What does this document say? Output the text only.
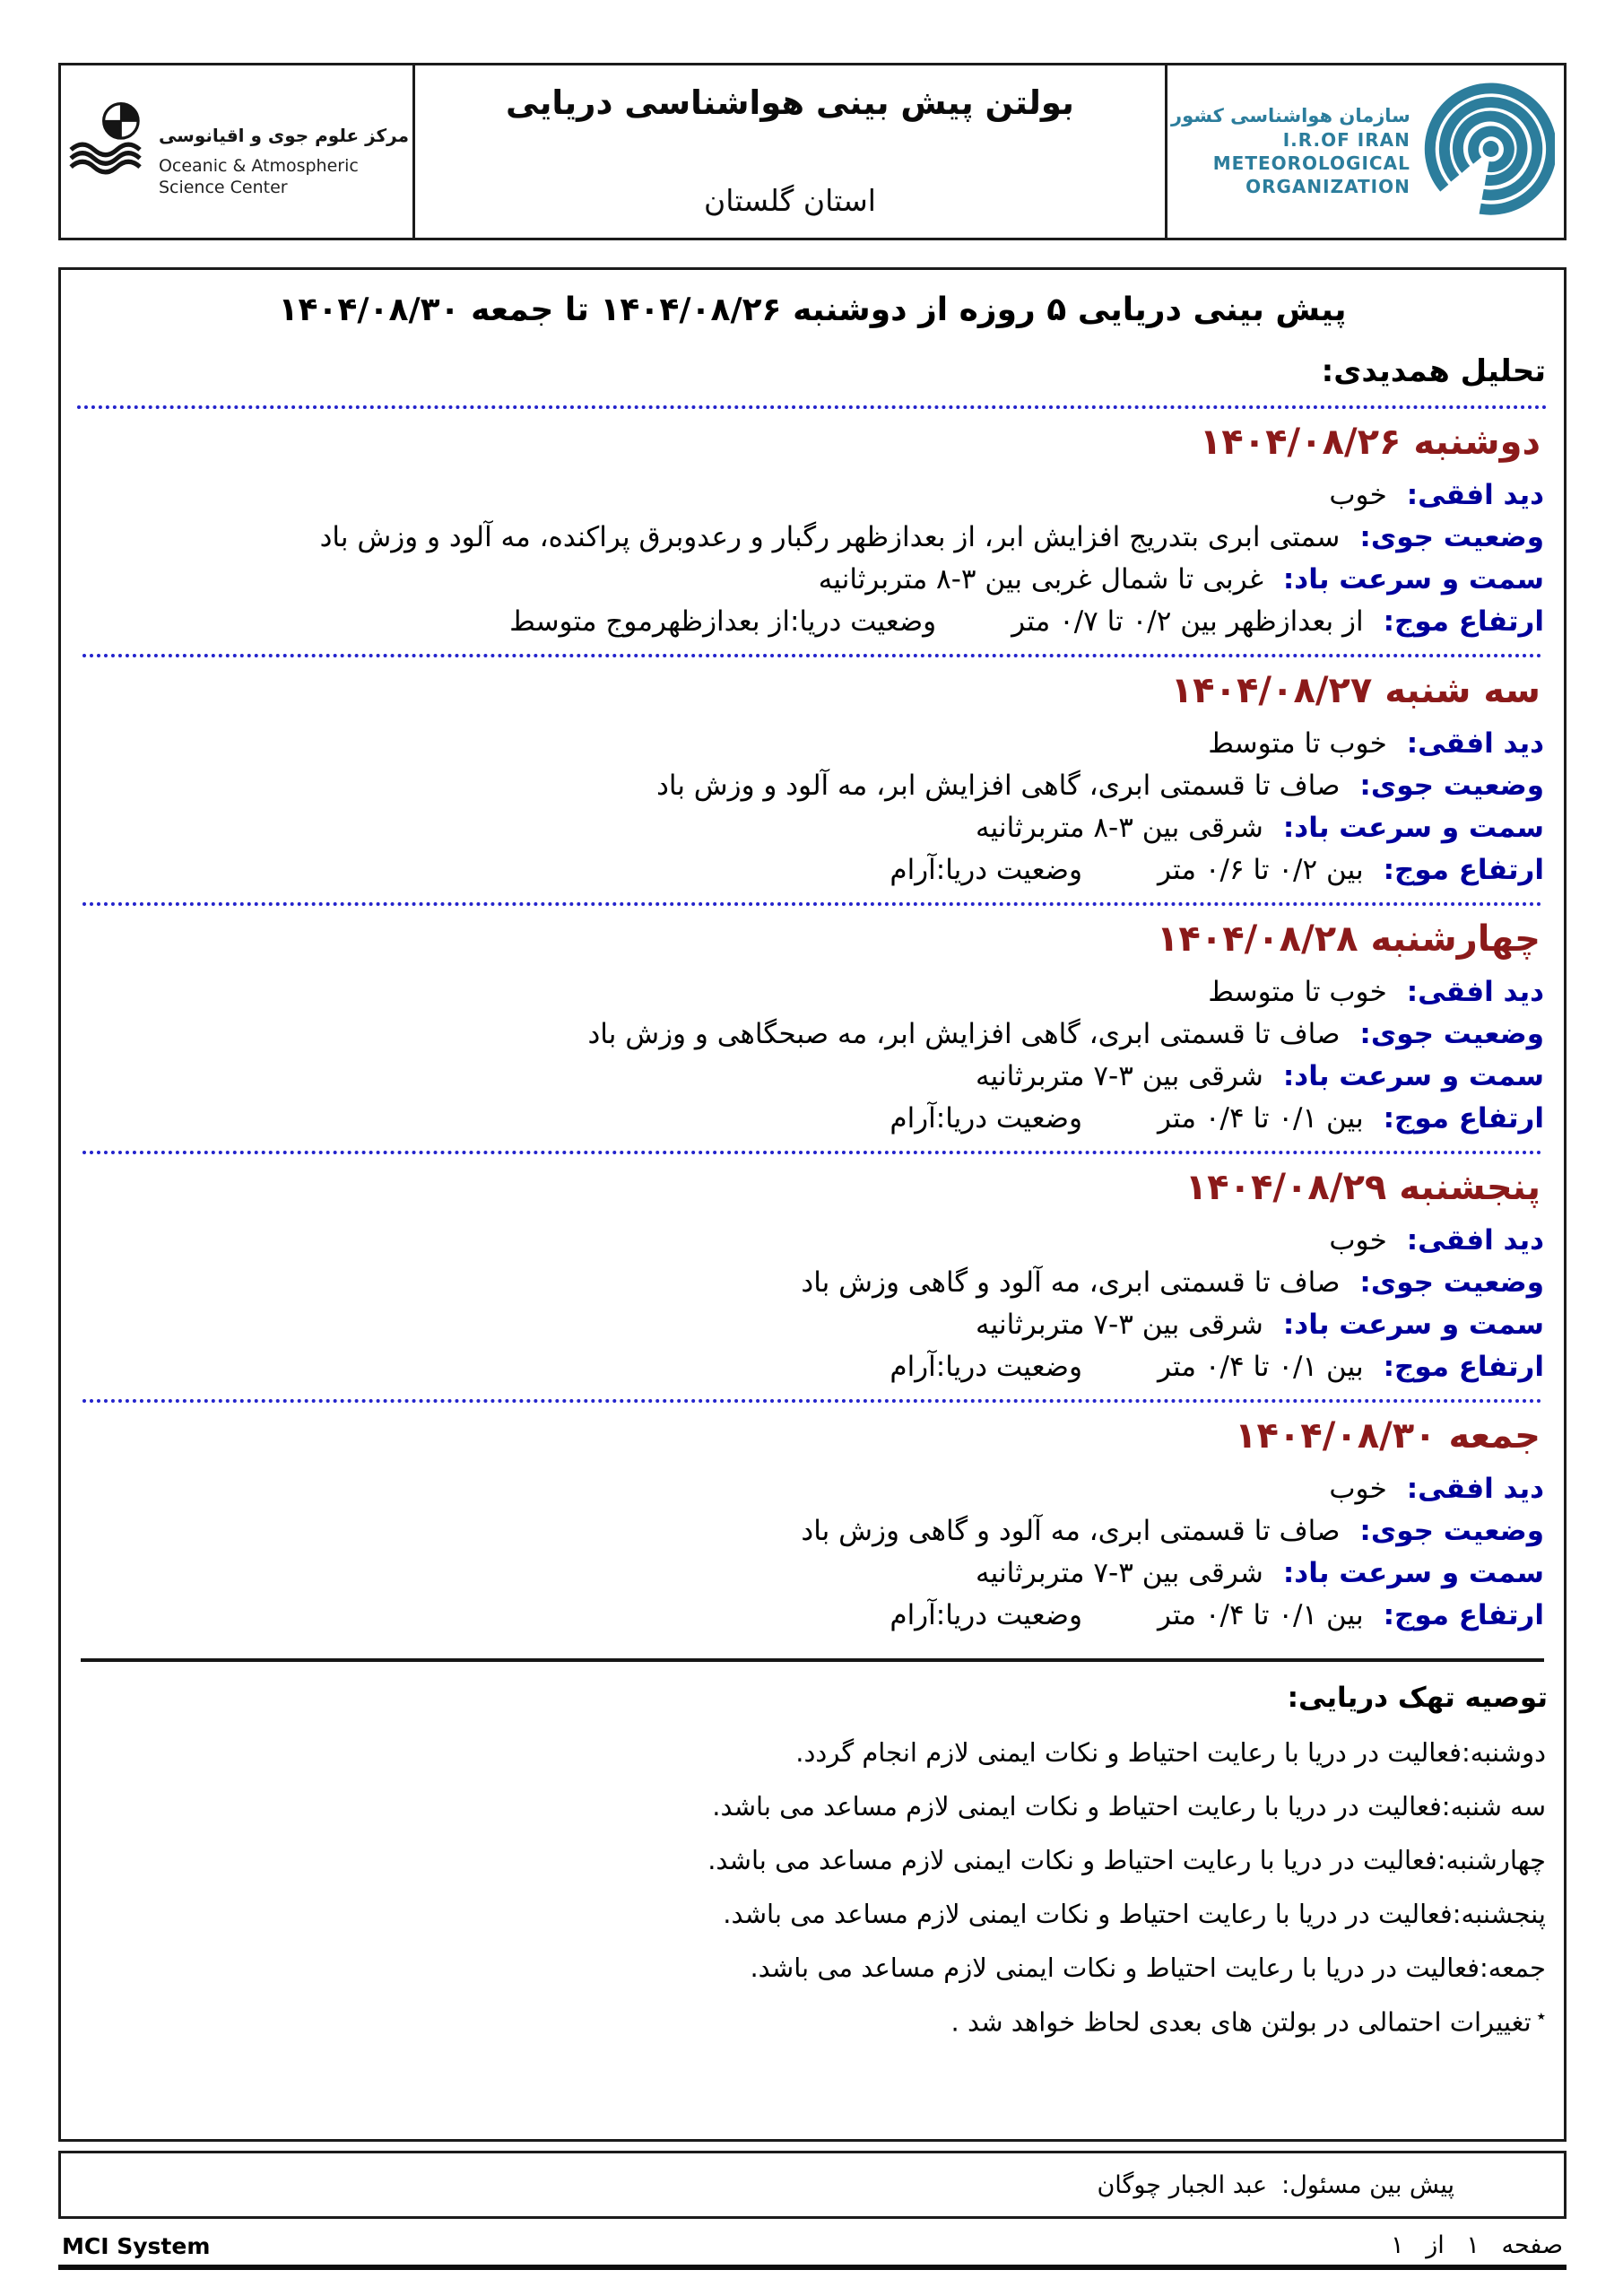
مرکز علوم جوی و اقیانوسی
Oceanic & Atmospheric
Science Center
بولتن پیش بینی هواشناسی دریایی
استان گلستان
سازمان هواشناسی کشور
I.R.OF IRAN
METEOROLOGICAL
ORGANIZATION
پیش بینی دریایی ۵ روزه از دوشنبه ۱۴۰۴/۰۸/۲۶ تا جمعه ۱۴۰۴/۰۸/۳۰
تحلیل همدیدی:
دوشنبه ۱۴۰۴/۰۸/۲۶
دید افقی:
خوب
وضعیت جوی:
سمتی ابری بتدریج افزایش ابر، از بعدازظهر رگبار و رعدوبرق پراکنده، مه آلود و وزش باد
سمت و سرعت باد:
غربی تا شمال غربی بین ۳-۸ متربرثانیه
ارتفاع موج:
از بعدازظهر بین ۰/۲ تا ۰/۷ متر
وضعیت دریا:از بعدازظهرموج متوسط
سه شنبه ۱۴۰۴/۰۸/۲۷
دید افقی:
خوب تا متوسط
وضعیت جوی:
صاف تا قسمتی ابری، گاهی افزایش ابر، مه آلود و وزش باد
سمت و سرعت باد:
شرقی بین ۳-۸ متربرثانیه
ارتفاع موج:
بین ۰/۲ تا ۰/۶ متر
وضعیت دریا:آرام
چهارشنبه ۱۴۰۴/۰۸/۲۸
دید افقی:
خوب تا متوسط
وضعیت جوی:
صاف تا قسمتی ابری، گاهی افزایش ابر، مه صبحگاهی و وزش باد
سمت و سرعت باد:
شرقی بین ۳-۷ متربرثانیه
ارتفاع موج:
بین ۰/۱ تا ۰/۴ متر
وضعیت دریا:آرام
پنجشنبه ۱۴۰۴/۰۸/۲۹
دید افقی:
خوب
وضعیت جوی:
صاف تا قسمتی ابری، مه آلود و گاهی وزش باد
سمت و سرعت باد:
شرقی بین ۳-۷ متربرثانیه
ارتفاع موج:
بین ۰/۱ تا ۰/۴ متر
وضعیت دریا:آرام
جمعه ۱۴۰۴/۰۸/۳۰
دید افقی:
خوب
وضعیت جوی:
صاف تا قسمتی ابری، مه آلود و گاهی وزش باد
سمت و سرعت باد:
شرقی بین ۳-۷ متربرثانیه
ارتفاع موج:
بین ۰/۱ تا ۰/۴ متر
وضعیت دریا:آرام
توصیه تهک دریایی:
دوشنبه:فعالیت در دریا با رعایت احتیاط و نکات ایمنی لازم انجام گردد.
سه شنبه:فعالیت در دریا با رعایت احتیاط و نکات ایمنی لازم مساعد می باشد.
چهارشنبه:فعالیت در دریا با رعایت احتیاط و نکات ایمنی لازم مساعد می باشد.
پنجشنبه:فعالیت در دریا با رعایت احتیاط و نکات ایمنی لازم مساعد می باشد.
جمعه:فعالیت در دریا با رعایت احتیاط و نکات ایمنی لازم مساعد می باشد.
٭تغییرات احتمالی در بولتن های بعدی لحاظ خواهد شد .
پیش بین مسئول:
عبد الجبار چوگان
MCI System	صفحه ۱ از ۱
